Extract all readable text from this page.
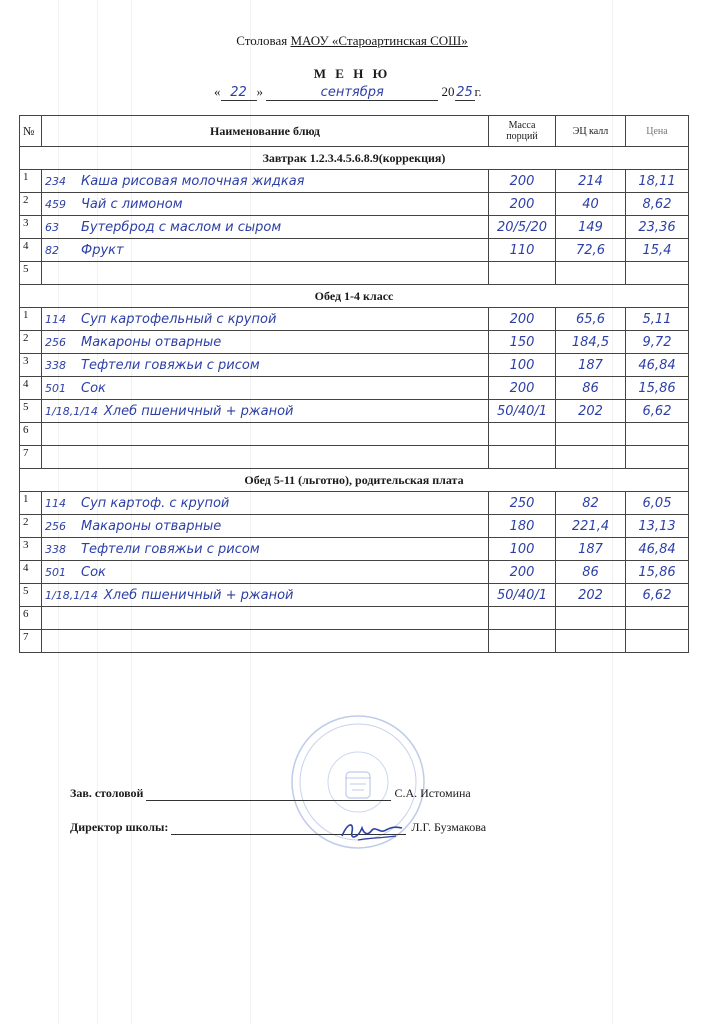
Столовая МАОУ «Староартинская СОШ»
М Е Н Ю
« 22 »	сентября	20 25 г.
№	Наименование блюд	Масса порций	ЭЦ калл	Цена
Завтрак 1.2.3.4.5.6.8.9(коррекция)				
1	234 Каша рисовая молочная жидкая	200	214	18,11
2	459 Чай с лимоном	200	40	8,62
3	63 Бутерброд с маслом и сыром	20/5/20	149	23,36
4	82 Фрукт	110	72,6	15,4
5				
Обед 1-4 класс				
1	114 Суп картофельный с крупой	200	65,6	5,11
2	256 Макароны отварные	150	184,5	9,72
3	338 Тефтели говяжьи с рисом	100	187	46,84
4	501 Сок	200	86	15,86
5	1/18,1/14 Хлеб пшеничный + ржаной	50/40/1	202	6,62
6				
7				
Обед 5-11 (льготно), родительская плата				
1	114 Суп картоф. с крупой	250	82	6,05
2	256 Макароны отварные	180	221,4	13,13
3	338 Тефтели говяжьи с рисом	100	187	46,84
4	501 Сок	200	86	15,86
5	1/18,1/14 Хлеб пшеничный + ржаной	50/40/1	202	6,62
6				
7				
Зав. столовой	С.А. Истомина
Директор школы:	Л.Г. Бузмакова
